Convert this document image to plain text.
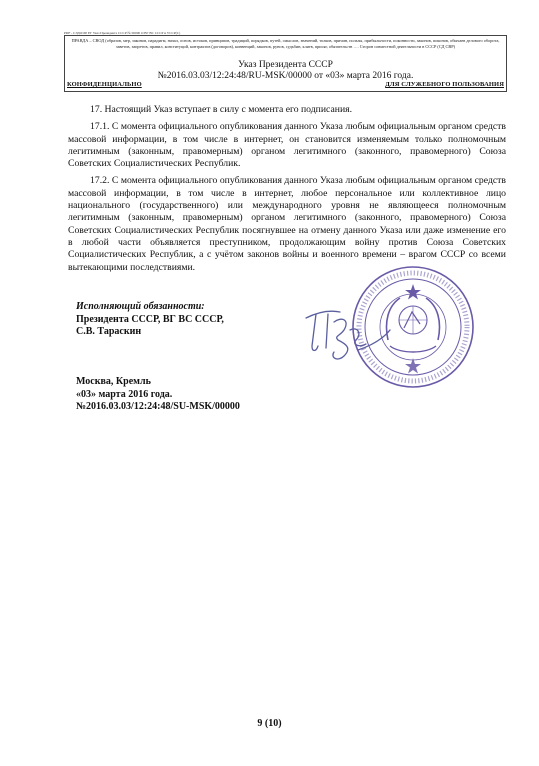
PDF - СЭДО\ЛР ЕГ Указ Президента СССР № 00000 О ВГ ВС СССР и УССР(С)
ПРАВДА – СВОД (образов, мер, законов, парадигм, начал, основ, истоков, принципов, традиций, порядков, путей, смыслов, значений, толков, причин, пользы, прибыльности, поконности, законов, поконов, обычаев делового оборота, заветов, запретов, правил, конституций, контрактов (договоров), конвенций, законов, рунов, судьбин, клятв, присяг, обязательств …. Сторон совместной деятельности в СССР (СД СВР)
Указ Президента СССР
№2016.03.03/12:24:48/RU-MSK/00000 от «03» марта 2016 года.
КОНФИДЕНЦИАЛЬНО	ДЛЯ СЛУЖЕБНОГО ПОЛЬЗОВАНИЯ

17. Настоящий Указ вступает в силу с момента его подписания.

17.1. С момента официального опубликования данного Указа любым официальным органом средств массовой информации, в том числе в интернет, он становится изменяемым только полномочным легитимным (законным, правомерным) органом легитимного (законного, правомерного) Союза Советских Социалистических Республик.

17.2. С момента официального опубликования данного Указа любым официальным органом средств массовой информации, в том числе в интернет, любое персональное или коллективное лицо национального (государственного) или международного уровня не являющееся полномочным легитимным (законным, правомерным) органом легитимного (законного, правомерного) Союза Советских Социалистических Республик посягнувшее на отмену данного Указа или даже изменение его в любой части объявляется преступником, продолжающим войну против Союза Советских Социалистических Республик, а с учётом законов войны и военного времени – врагом СССР со всеми вытекающими последствиями.

Исполняющий обязанности:
Президента СССР, ВГ ВС СССР,
С.В. Тараскин
Москва, Кремль
«03» марта 2016 года.
№2016.03.03/12:24:48/SU-MSK/00000
9 (10)
